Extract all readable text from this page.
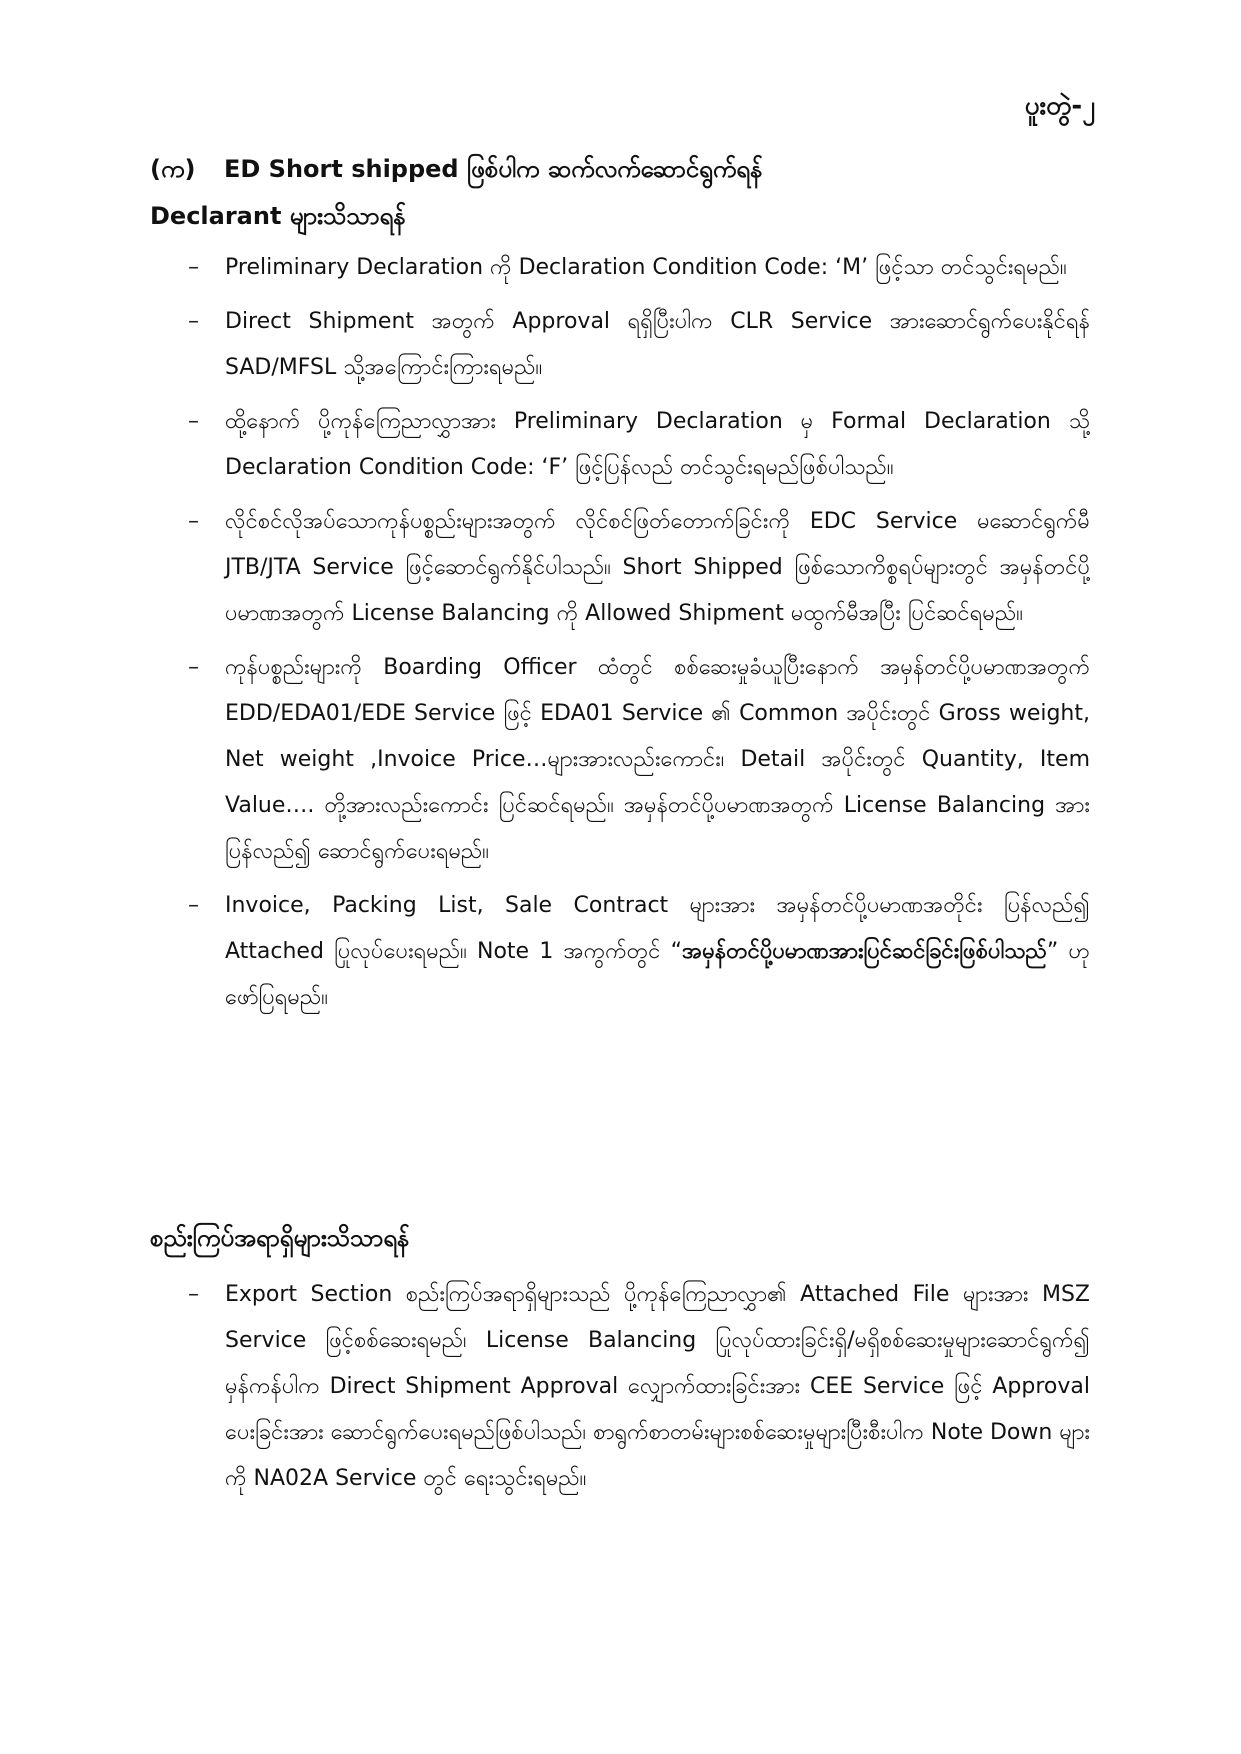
ပူးတွဲ-၂
(က) ED Short shipped ဖြစ်ပါက ဆက်လက်ဆောင်ရွက်ရန်
Declarant များသိသာရန်
– Preliminary Declaration ကို Declaration Condition Code: ‘M’ ဖြင့်သာ တင်သွင်းရမည်။
– Direct Shipment အတွက် Approval ရရှိပြီးပါက CLR Service အားဆောင်ရွက်ပေးနိုင်ရန် SAD/MFSL သို့အကြောင်းကြားရမည်။
– ထို့နောက် ပို့ကုန်ကြေညာလွှာအား Preliminary Declaration မှ Formal Declaration သို့ Declaration Condition Code: ‘F’ ဖြင့်ပြန်လည် တင်သွင်းရမည်ဖြစ်ပါသည်။
– လိုင်စင်လိုအပ်သောကုန်ပစ္စည်းများအတွက် လိုင်စင်ဖြတ်တောက်ခြင်းကို EDC Service မဆောင်ရွက်မီ JTB/JTA Service ဖြင့်ဆောင်ရွက်နိုင်ပါသည်။ Short Shipped ဖြစ်သောကိစ္စရပ်များတွင် အမှန်တင်ပို့ပမာဏအတွက် License Balancing ကို Allowed Shipment မထွက်မီအပြီး ပြင်ဆင်ရမည်။
– ကုန်ပစ္စည်းများကို Boarding Officer ထံတွင် စစ်ဆေးမှုခံယူပြီးနောက် အမှန်တင်ပို့ပမာဏအတွက် EDD/EDA01/EDE Service ဖြင့် EDA01 Service ၏ Common အပိုင်းတွင် Gross weight, Net weight ,Invoice Price…များအားလည်းကောင်း၊ Detail အပိုင်းတွင် Quantity, Item Value…. တို့အားလည်းကောင်း ပြင်ဆင်ရမည်။ အမှန်တင်ပို့ပမာဏအတွက် License Balancing အား ပြန်လည်၍ ဆောင်ရွက်ပေးရမည်။
– Invoice, Packing List, Sale Contract များအား အမှန်တင်ပို့ပမာဏအတိုင်း ပြန်လည်၍ Attached ပြုလုပ်ပေးရမည်။ Note 1 အကွက်တွင် “အမှန်တင်ပို့ပမာဏအားပြင်ဆင်ခြင်းဖြစ်ပါသည်” ဟု ဖော်ပြရမည်။
စည်းကြပ်အရာရှိများသိသာရန်
– Export Section စည်းကြပ်အရာရှိများသည် ပို့ကုန်ကြေညာလွှာ၏ Attached File များအား MSZ Service ဖြင့်စစ်ဆေးရမည်၊ License Balancing ပြုလုပ်ထားခြင်းရှိ/မရှိစစ်ဆေးမှုများဆောင်ရွက်၍ မှန်ကန်ပါက Direct Shipment Approval လျှောက်ထားခြင်းအား CEE Service ဖြင့် Approval ပေးခြင်းအား ဆောင်ရွက်ပေးရမည်ဖြစ်ပါသည်၊ စာရွက်စာတမ်းများစစ်ဆေးမှုများပြီးစီးပါက Note Down များကို NA02A Service တွင် ရေးသွင်းရမည်။
